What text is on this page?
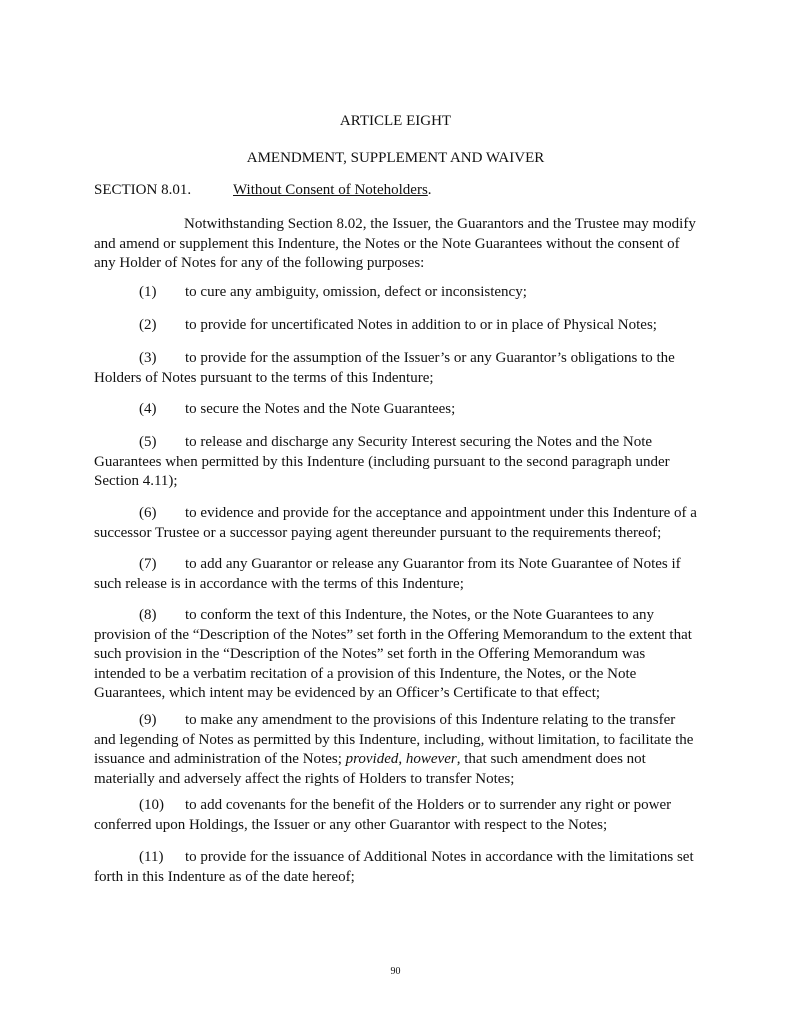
ARTICLE EIGHT
AMENDMENT, SUPPLEMENT AND WAIVER
SECTION 8.01.	Without Consent of Noteholders.
Notwithstanding Section 8.02, the Issuer, the Guarantors and the Trustee may modify and amend or supplement this Indenture, the Notes or the Note Guarantees without the consent of any Holder of Notes for any of the following purposes:
(1) to cure any ambiguity, omission, defect or inconsistency;
(2) to provide for uncertificated Notes in addition to or in place of Physical Notes;
(3) to provide for the assumption of the Issuer’s or any Guarantor’s obligations to the Holders of Notes pursuant to the terms of this Indenture;
(4) to secure the Notes and the Note Guarantees;
(5) to release and discharge any Security Interest securing the Notes and the Note Guarantees when permitted by this Indenture (including pursuant to the second paragraph under Section 4.11);
(6) to evidence and provide for the acceptance and appointment under this Indenture of a successor Trustee or a successor paying agent thereunder pursuant to the requirements thereof;
(7) to add any Guarantor or release any Guarantor from its Note Guarantee of Notes if such release is in accordance with the terms of this Indenture;
(8) to conform the text of this Indenture, the Notes, or the Note Guarantees to any provision of the “Description of the Notes” set forth in the Offering Memorandum to the extent that such provision in the “Description of the Notes” set forth in the Offering Memorandum was intended to be a verbatim recitation of a provision of this Indenture, the Notes, or the Note Guarantees, which intent may be evidenced by an Officer’s Certificate to that effect;
(9) to make any amendment to the provisions of this Indenture relating to the transfer and legending of Notes as permitted by this Indenture, including, without limitation, to facilitate the issuance and administration of the Notes; provided, however, that such amendment does not materially and adversely affect the rights of Holders to transfer Notes;
(10) to add covenants for the benefit of the Holders or to surrender any right or power conferred upon Holdings, the Issuer or any other Guarantor with respect to the Notes;
(11) to provide for the issuance of Additional Notes in accordance with the limitations set forth in this Indenture as of the date hereof;
90
